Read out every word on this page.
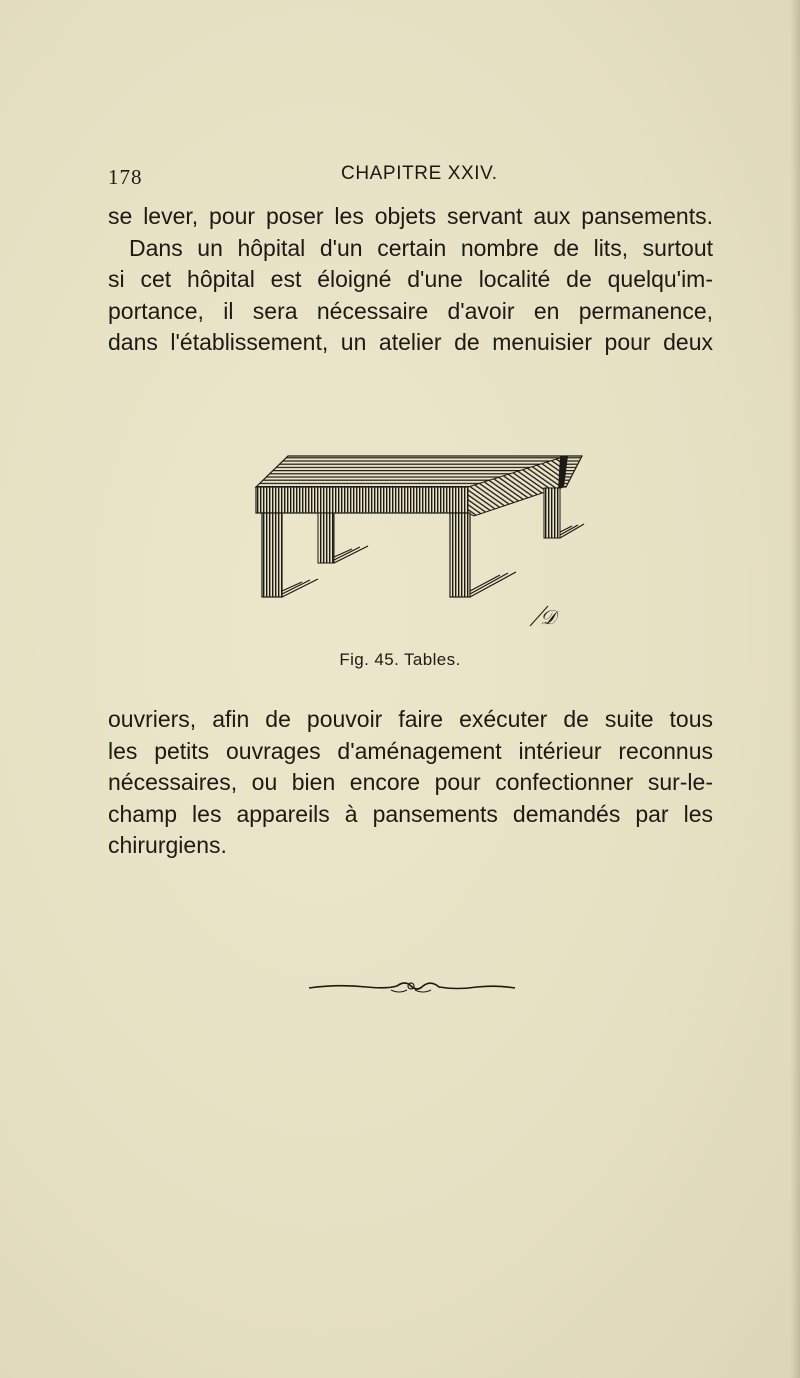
178	CHAPITRE XXIV.
se lever, pour poser les objets servant aux pansements.
Dans un hôpital d'un certain nombre de lits, surtout
si cet hôpital est éloigné d'une localité de quelqu'im-
portance, il sera nécessaire d'avoir en permanence,
dans l'établissement, un atelier de menuisier pour deux
𝒟
Fig. 45. Tables.
ouvriers, afin de pouvoir faire exécuter de suite tous
les petits ouvrages d'aménagement intérieur reconnus
nécessaires, ou bien encore pour confectionner sur-le-
champ les appareils à pansements demandés par les
chirurgiens.
